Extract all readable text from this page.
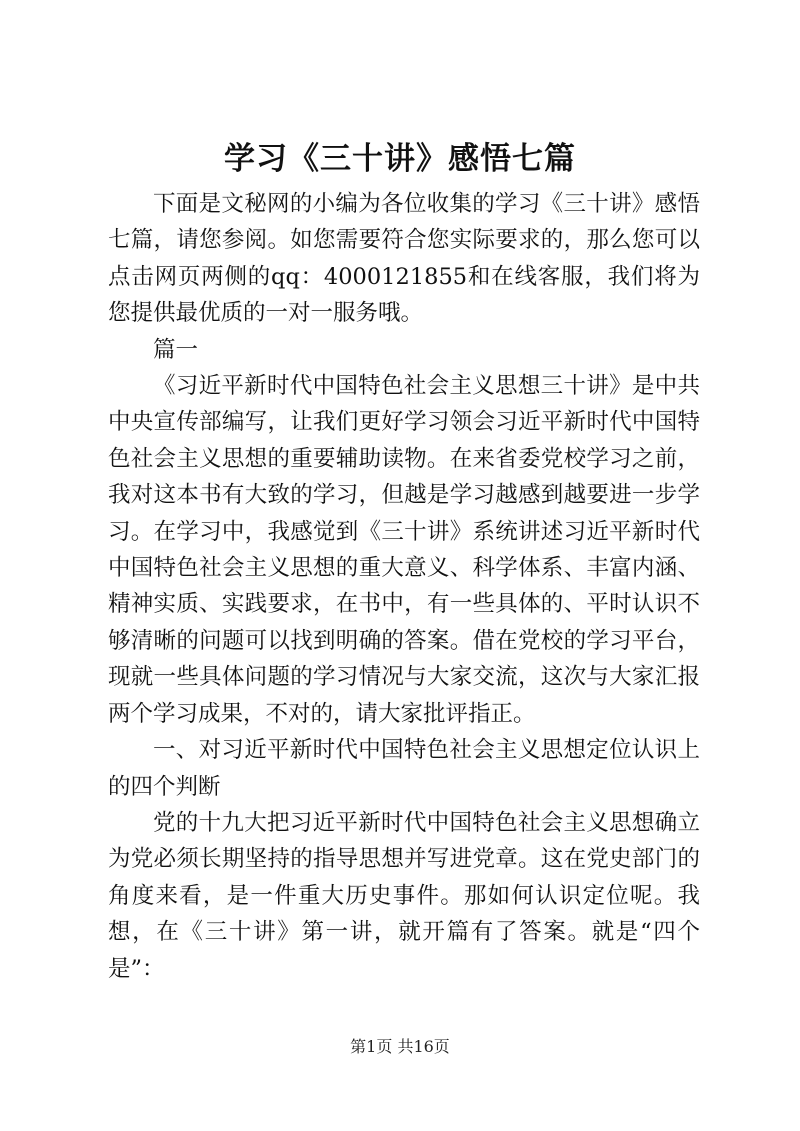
学习《三十讲》感悟七篇

下面是文秘网的小编为各位收集的学习《三十讲》感悟七篇，请您参阅。如您需要符合您实际要求的，那么您可以点击网页两侧的qq：4000121855和在线客服，我们将为您提供最优质的一对一服务哦。

篇一

《习近平新时代中国特色社会主义思想三十讲》是中共中央宣传部编写，让我们更好学习领会习近平新时代中国特色社会主义思想的重要辅助读物。在来省委党校学习之前，我对这本书有大致的学习，但越是学习越感到越要进一步学习。在学习中，我感觉到《三十讲》系统讲述习近平新时代中国特色社会主义思想的重大意义、科学体系、丰富内涵、精神实质、实践要求，在书中，有一些具体的、平时认识不够清晰的问题可以找到明确的答案。借在党校的学习平台，现就一些具体问题的学习情况与大家交流，这次与大家汇报两个学习成果，不对的，请大家批评指正。

一、对习近平新时代中国特色社会主义思想定位认识上的四个判断

党的十九大把习近平新时代中国特色社会主义思想确立为党必须长期坚持的指导思想并写进党章。这在党史部门的角度来看，是一件重大历史事件。那如何认识定位呢。我想，在《三十讲》第一讲，就开篇有了答案。就是“四个是”：

第1页 共16页
